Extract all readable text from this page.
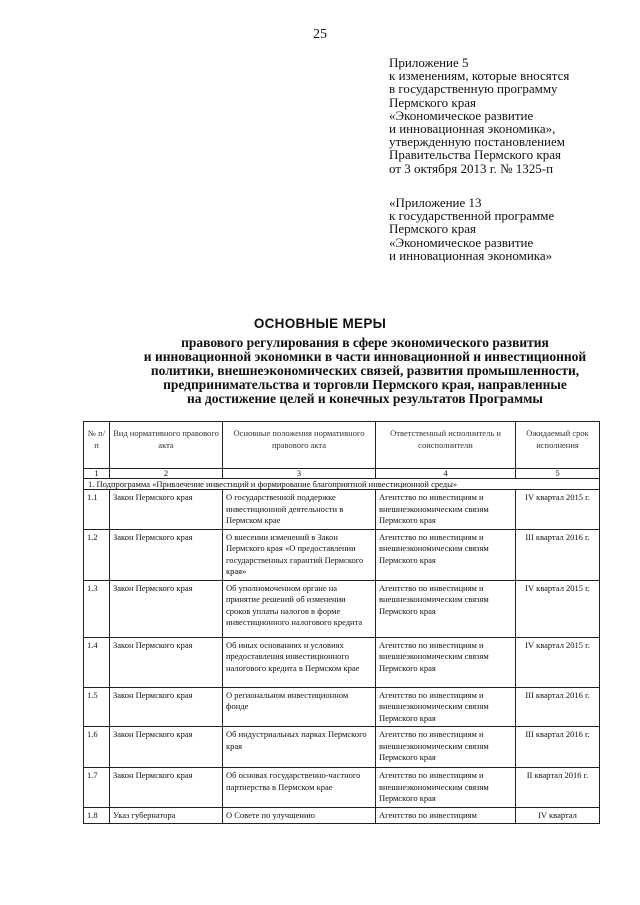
25
Приложение 5
к изменениям, которые вносятся
в государственную программу
Пермского края
«Экономическое развитие
и инновационная экономика»,
утвержденную постановлением
Правительства Пермского края
от 3 октября 2013 г. № 1325-п
«Приложение 13
к государственной программе
Пермского края
«Экономическое развитие
и инновационная экономика»
ОСНОВНЫЕ МЕРЫ
правового регулирования в сфере экономического развития
и инновационной экономики в части инновационной и инвестиционной
политики, внешнеэкономических связей, развития промышленности,
предпринимательства и торговли Пермского края, направленные
на достижение целей и конечных результатов Программы
№ п/п	Вид нормативного правового акта	Основные положения нормативного правового акта	Ответственный исполнитель и соисполнители	Ожидаемый срок исполнения
1	2	3	4	5
1. Подпрограмма «Привлечение инвестиций и формирование благоприятной инвестиционной среды»				
1.1	Закон Пермского края	О государственной поддержке инвестиционной деятельности в Пермском крае	Агентство по инвестициям и внешнеэкономическим связям Пермского края	IV квартал 2015 г.
1.2	Закон Пермского края	О внесении изменений в Закон Пермского края «О предоставлении государственных гарантий Пермского края»	Агентство по инвестициям и внешнеэкономическим связям Пермского края	III квартал 2016 г.
1.3	Закон Пермского края	Об уполномоченном органе на принятие решений об изменении сроков уплаты налогов в форме инвестиционного налогового кредита	Агентство по инвестициям и внешнеэкономическим связям Пермского края	IV квартал 2015 г.
1.4	Закон Пермского края	Об иных основаниях и условиях предоставления инвестиционного налогового кредита в Пермском крае	Агентство по инвестициям и внешнеэкономическим связям Пермского края	IV квартал 2015 г.
1.5	Закон Пермского края	О региональном инвестиционном фонде	Агентство по инвестициям и внешнеэкономическим связям Пермского края	III квартал 2016 г.
1.6	Закон Пермского края	Об индустриальных парках Пермского края	Агентство по инвестициям и внешнеэкономическим связям Пермского края	III квартал 2016 г.
1.7	Закон Пермского края	Об основах государственно-частного партнерства в Пермском крае	Агентство по инвестициям и внешнеэкономическим связям Пермского края	II квартал 2016 г.
1.8	Указ губернатора	О Совете по улучшению	Агентство по инвестициям	IV квартал
